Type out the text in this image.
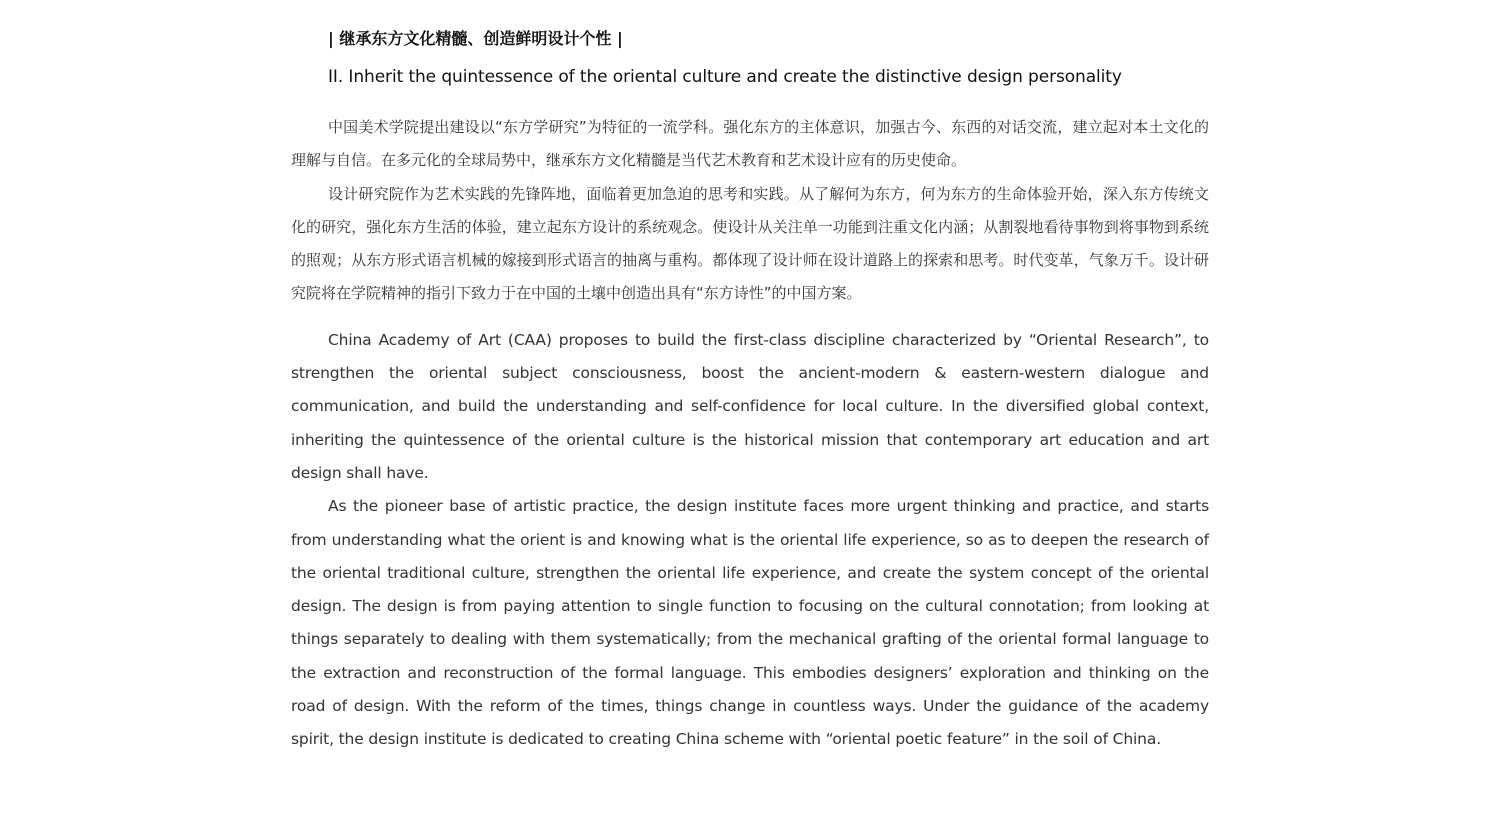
| 继承东方文化精髓、创造鲜明设计个性 |
II. Inherit the quintessence of the oriental culture and create the distinctive design personality

中国美术学院提出建设以“东方学研究”为特征的一流学科。强化东方的主体意识，加强古今、东西的对话交流，建立起对本土文化的理解与自信。在多元化的全球局势中，继承东方文化精髓是当代艺术教育和艺术设计应有的历史使命。

设计研究院作为艺术实践的先锋阵地，面临着更加急迫的思考和实践。从了解何为东方，何为东方的生命体验开始，深入东方传统文化的研究，强化东方生活的体验，建立起东方设计的系统观念。使设计从关注单一功能到注重文化内涵；从割裂地看待事物到将事物到系统的照观；从东方形式语言机械的嫁接到形式语言的抽离与重构。都体现了设计师在设计道路上的探索和思考。时代变革，气象万千。设计研究院将在学院精神的指引下致力于在中国的土壤中创造出具有“东方诗性”的中国方案。

China Academy of Art (CAA) proposes to build the first-class discipline characterized by “Oriental Research”, to strengthen the oriental subject consciousness, boost the ancient-modern & eastern-western dialogue and communication, and build the understanding and self-confidence for local culture. In the diversified global context, inheriting the quintessence of the oriental culture is the historical mission that contemporary art education and art design shall have.

As the pioneer base of artistic practice, the design institute faces more urgent thinking and practice, and starts from understanding what the orient is and knowing what is the oriental life experience, so as to deepen the research of the oriental traditional culture, strengthen the oriental life experience, and create the system concept of the oriental design. The design is from paying attention to single function to focusing on the cultural connotation; from looking at things separately to dealing with them systematically; from the mechanical grafting of the oriental formal language to the extraction and reconstruction of the formal language. This embodies designers’ exploration and thinking on the road of design. With the reform of the times, things change in countless ways. Under the guidance of the academy spirit, the design institute is dedicated to creating China scheme with “oriental poetic feature” in the soil of China.
